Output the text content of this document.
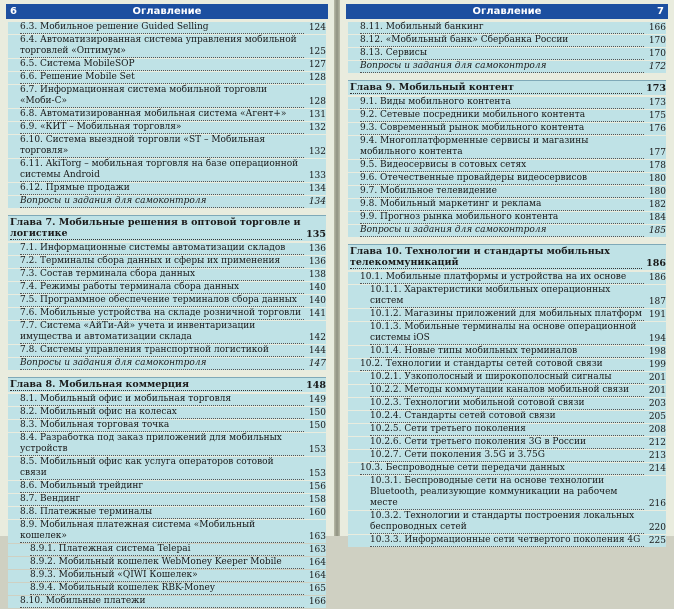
6	Оглавление
6.3. Мобильное решение Guided Selling	124
6.4. Автоматизированная система управления мобильной торговлей «Оптимум»	125
6.5. Система MobileSOP	127
6.6. Решение Mobile Set	128
6.7. Информационная система мобильной торговли «Моби-С»	128
6.8. Автоматизированная мобильная система «Агент+»	131
6.9. «КИТ – Мобильная торговля»	132
6.10. Система выездной торговли «ST – Мобильная торговля»	132
6.11. AkiTorg – мобильная торговля на базе операционной системы Android	133
6.12. Прямые продажи	134
Вопросы и задания для самоконтроля	134
Глава 7. Мобильные решения в оптовой торговле и логистике	135
7.1. Информационные системы автоматизации складов	136
7.2. Терминалы сбора данных и сферы их применения	136
7.3. Состав терминала сбора данных	138
7.4. Режимы работы терминала сбора данных	140
7.5. Программное обеспечение терминалов сбора данных	140
7.6. Мобильные устройства на складе розничной торговли 141
7.7. Система «АйТи-Ай» учета и инвентаризации имущества и автоматизации склада	142
7.8. Системы управления транспортной логистикой	144
Вопросы и задания для самоконтроля	147
Глава 8. Мобильная коммерция	148
8.1. Мобильный офис и мобильная торговля	149
8.2. Мобильный офис на колесах	150
8.3. Мобильная торговая точка	150
8.4. Разработка под заказ приложений для мобильных устройств	153
8.5. Мобильный офис как услуга операторов сотовой связи	153
8.6. Мобильный трейдинг	156
8.7. Вендинг	158
8.8. Платежные терминалы	160
8.9. Мобильная платежная система «Мобильный кошелек»	163
8.9.1. Платежная система Telepai	163
8.9.2. Мобильный кошелек WebMoney Keeper Mobile	164
8.9.3. Мобильный «QIWI Кошелек»	164
8.9.4. Мобильный кошелек RBK-Money	165
8.10. Мобильные платежи	166
Оглавление	7
8.11. Мобильный банкинг	166
8.12. «Мобильный банк» Сбербанка России	170
8.13. Сервисы	170
Вопросы и задания для самоконтроля	172
Глава 9. Мобильный контент	173
9.1. Виды мобильного контента	173
9.2. Сетевые посредники мобильного контента	175
9.3. Современный рынок мобильного контента	176
9.4. Многоплатформенные сервисы и магазины мобильного контента	177
9.5. Видеосервисы в сотовых сетях	178
9.6. Отечественные провайдеры видеосервисов	180
9.7. Мобильное телевидение	180
9.8. Мобильный маркетинг и реклама	182
9.9. Прогноз рынка мобильного контента	184
Вопросы и задания для самоконтроля	185
Глава 10. Технологии и стандарты мобильных телекоммуникаций	186
10.1. Мобильные платформы и устройства на их основе	186
10.1.1. Характеристики мобильных операционных систем	187
10.1.2. Магазины приложений для мобильных платформ 191
10.1.3. Мобильные терминалы на основе операционной системы iOS	194
10.1.4. Новые типы мобильных терминалов	198
10.2. Технологии и стандарты сетей сотовой связи	199
10.2.1. Узкополосный и широкополосный сигналы	201
10.2.2. Методы коммутации каналов мобильной связи	201
10.2.3. Технологии мобильной сотовой связи	203
10.2.4. Стандарты сетей сотовой связи	205
10.2.5. Сети третьего поколения	208
10.2.6. Сети третьего поколения 3G в России	212
10.2.7. Сети поколения 3.5G и 3.75G	213
10.3. Беспроводные сети передачи данных	214
10.3.1. Беспроводные сети на основе технологии Bluetooth, реализующие коммуникации на рабочем месте	216
10.3.2. Технологии и стандарты построения локальных беспроводных сетей	220
10.3.3. Информационные сети четвертого поколения 4G 225
